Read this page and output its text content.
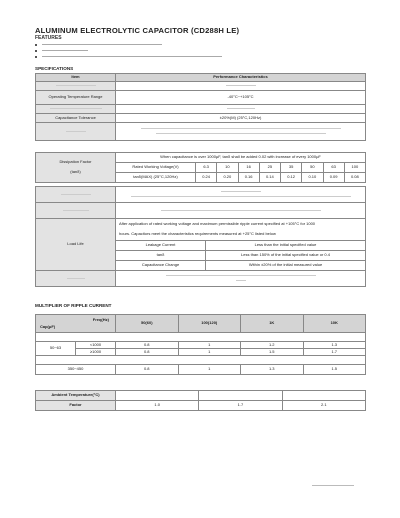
ALUMINUM ELECTROLYTIC CAPACITOR (CD288H LE)
FEATURES
SPECIFICATIONS
Item	Performance Characteristics

Operating Temperature Range	-40°C~+105°C

Capacitance Tolerance	±20%(M) (25°C,120Hz)

Dissipation Factor

(tanδ)	When capacitance is over 1000μF, tanδ shall be added 0.02 with increase of every 1000μF								
	Rated Working Voltage(V)	6.3	10	16	25	35	50	63	100
	tanδ(MAX) (25°C,120Hz)	0.24	0.20	0.16	0.14	0.12	0.10	0.09	0.08

Load Life	After application of rated working voltage and maximum permissible ripple current specified at +105°C for 1000

hours. Capacitors meet the characteristics requirements measured at +25°C listed below	
	Leakage Current	Less than the initial specified value
	tanδ	Less than 150% of the initial specified value or 0.4
	Capacitance Change	Within ±20% of the initial measured value

MULTIPLIER OF RIPPLE CURRENT
Freq(Hz)
Cap(μF)		50(60)	100(120)	1K	10K

50~63	<1000	0.8	1	1.2	1.3
	≥1000	0.8	1	1.5	1.7

350~450		0.8	1	1.3	1.5
Ambient Temperature(°C)			
Factor	1.0	1.7	2.1
